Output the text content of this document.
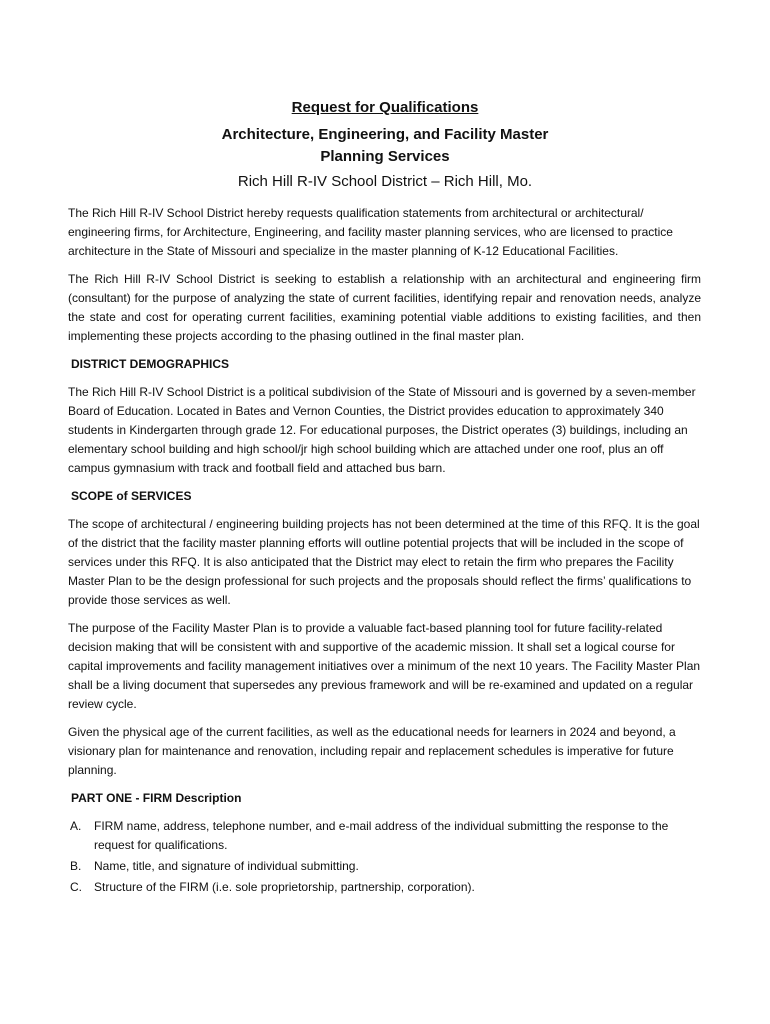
Request for Qualifications
Architecture, Engineering, and Facility Master
Planning Services
Rich Hill R-IV School District – Rich Hill, Mo.

The Rich Hill R-IV School District hereby requests qualification statements from architectural or architectural/ engineering firms, for Architecture, Engineering, and facility master planning services, who are licensed to practice architecture in the State of Missouri and specialize in the master planning of K-12 Educational Facilities.

The Rich Hill R-IV School District is seeking to establish a relationship with an architectural and engineering firm (consultant) for the purpose of analyzing the state of current facilities, identifying repair and renovation needs, analyze the state and cost for operating current facilities, examining potential viable additions to existing facilities, and then implementing these projects according to the phasing outlined in the final master plan.

DISTRICT DEMOGRAPHICS

The Rich Hill R-IV School District is a political subdivision of the State of Missouri and is governed by a seven-member Board of Education. Located in Bates and Vernon Counties, the District provides education to approximately 340 students in Kindergarten through grade 12. For educational purposes, the District operates (3) buildings, including an elementary school building and high school/jr high school building which are attached under one roof, plus an off campus gymnasium with track and football field and attached bus barn.

SCOPE of SERVICES

The scope of architectural / engineering building projects has not been determined at the time of this RFQ. It is the goal of the district that the facility master planning efforts will outline potential projects that will be included in the scope of services under this RFQ. It is also anticipated that the District may elect to retain the firm who prepares the Facility Master Plan to be the design professional for such projects and the proposals should reflect the firms’ qualifications to provide those services as well.

The purpose of the Facility Master Plan is to provide a valuable fact-based planning tool for future facility-related decision making that will be consistent with and supportive of the academic mission. It shall set a logical course for capital improvements and facility management initiatives over a minimum of the next 10 years. The Facility Master Plan shall be a living document that supersedes any previous framework and will be re-examined and updated on a regular review cycle.

Given the physical age of the current facilities, as well as the educational needs for learners in 2024 and beyond, a visionary plan for maintenance and renovation, including repair and replacement schedules is imperative for future planning.

PART ONE - FIRM Description
A. FIRM name, address, telephone number, and e-mail address of the individual submitting the response to the request for qualifications.
B. Name, title, and signature of individual submitting.
C. Structure of the FIRM (i.e. sole proprietorship, partnership, corporation).
